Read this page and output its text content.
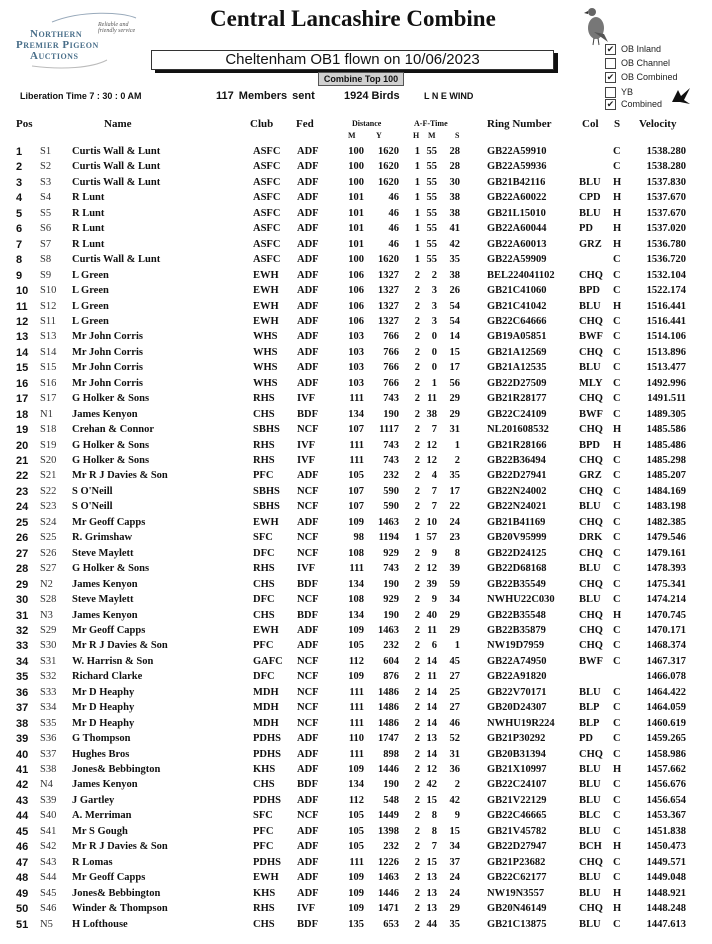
Reliable and friendly service
Northern
Premier Pigeon
Auctions
Central Lancashire Combine
Cheltenham OB1 flown on 10/06/2023
Combine Top 100
Liberation Time 7 : 30 : 0 AM	117 Members sent	1924 Birds	L N E WIND
✔ OB Inland
OB Channel
✔ OB Combined
YB
✔ Combined
Pos	Name	Club Fed	Distance
M	Y
A-F-Time
H M S
Ring Number	Col S Velocity
1 S1 Curtis Wall & Lunt	ASFC ADF	100	1620	1 55	28	GB22A59910	C	1538.280
2 S2 Curtis Wall & Lunt	ASFC ADF	100	1620	1 55	28	GB22A59936	C	1538.280
3 S3 Curtis Wall & Lunt	ASFC ADF	100	1620	1 55	30	GB21B42116	BLU H	1537.830
4 S4 R Lunt	ASFC ADF	101	46	1 55	38	GB22A60022	CPD H	1537.670
5 S5 R Lunt	ASFC ADF	101	46	1 55	38	GB21L15010	BLU H	1537.670
6 S6 R Lunt	ASFC ADF	101	46	1 55	41	GB22A60044	PD H	1537.020
7 S7 R Lunt	ASFC ADF	101	46	1 55	42	GB22A60013	GRZ H	1536.780
8 S8 Curtis Wall & Lunt	ASFC ADF	100	1620	1 55	35	GB22A59909	C	1536.720
9 S9 L Green	EWH ADF	106	1327	2	2	38	BEL224041102 CHQ C	1532.104
10 S10 L Green	EWH ADF	106	1327	2	3	26	GB21C41060	BPD C	1522.174
11 S12 L Green	EWH ADF	106	1327	2	3	54	GB21C41042	BLU H	1516.441
12 S11 L Green	EWH ADF	106	1327	2	3	54	GB22C64666	CHQ C	1516.441
13 S13 Mr John Corris	WHS ADF	103	766	2	0	14	GB19A05851	BWF C	1514.106
14 S14 Mr John Corris	WHS ADF	103	766	2	0	15	GB21A12569	CHQ C	1513.896
15 S15 Mr John Corris	WHS ADF	103	766	2	0	17	GB21A12535	BLU C	1513.477
16 S16 Mr John Corris	WHS ADF	103	766	2	1	56	GB22D27509	MLY C	1492.996
17 S17 G Holker & Sons	RHS IVF	111	743	2 11	29	GB21R28177	CHQ C	1491.511
18 N1 James Kenyon	CHS BDF	134	190	2 38	29	GB22C24109	BWF C	1489.305
19 S18 Crehan & Connor	SBHS NCF	107	1117	2	7	31	NL201608532	CHQ H	1485.586
20 S19 G Holker & Sons	RHS IVF	111	743	2 12	1	GB21R28166	BPD H	1485.486
21 S20 G Holker & Sons	RHS IVF	111	743	2 12	2	GB22B36494	CHQ C	1485.298
22 S21 Mr R J Davies & Son	PFC ADF	105	232	2	4	35	GB22D27941	GRZ C	1485.207
23 S22 S O'Neill	SBHS NCF	107	590	2	7	17	GB22N24002	CHQ C	1484.169
24 S23 S O'Neill	SBHS NCF	107	590	2	7	22	GB22N24021	BLU C	1483.198
25 S24 Mr Geoff Capps	EWH ADF	109	1463	2 10	24	GB21B41169	CHQ C	1482.385
26 S25 R. Grimshaw	SFC NCF	98	1194	1 57	23	GB20V95999	DRK C	1479.546
27 S26 Steve Maylett	DFC NCF	108	929	2	9	8	GB22D24125	CHQ C	1479.161
28 S27 G Holker & Sons	RHS IVF	111	743	2 12	39	GB22D68168	BLU C	1478.393
29 N2 James Kenyon	CHS BDF	134	190	2 39	59	GB22B35549	CHQ C	1475.341
30 S28 Steve Maylett	DFC NCF	108	929	2	9	34	NWHU22C030 BLU C	1474.214
31 N3 James Kenyon	CHS BDF	134	190	2 40	29	GB22B35548	CHQ H	1470.745
32 S29 Mr Geoff Capps	EWH ADF	109	1463	2 11	29	GB22B35879	CHQ C	1470.171
33 S30 Mr R J Davies & Son	PFC ADF	105	232	2	6	1	NW19D7959	CHQ C	1468.374
34 S31 W. Harrisn & Son	GAFC NCF	112	604	2 14	45	GB22A74950	BWF C	1467.317
35 S32 Richard Clarke	DFC NCF	109	876	2 11	27	GB22A91820	1466.078
36 S33 Mr D Heaphy	MDH NCF	111	1486	2 14	25	GB22V70171	BLU C	1464.422
37 S34 Mr D Heaphy	MDH NCF	111	1486	2 14	27	GB20D24307	BLP C	1464.059
38 S35 Mr D Heaphy	MDH NCF	111	1486	2 14	46	NWHU19R224 BLP C	1460.619
39 S36 G Thompson	PDHS ADF	110	1747	2 13	52	GB21P30292	PD C	1459.265
40 S37 Hughes Bros	PDHS ADF	111	898	2 14	31	GB20B31394	CHQ C	1458.986
41 S38 Jones& Bebbington	KHS ADF	109	1446	2 12	36	GB21X10997	BLU H	1457.662
42 N4 James Kenyon	CHS BDF	134	190	2 42	2	GB22C24107	BLU C	1456.676
43 S39 J Gartley	PDHS ADF	112	548	2 15	42	GB21V22129	BLU C	1456.654
44 S40 A. Merriman	SFC NCF	105	1449	2	8	9	GB22C46665	BLC C	1453.367
45 S41 Mr S Gough	PFC ADF	105	1398	2	8	15	GB21V45782	BLU C	1451.838
46 S42 Mr R J Davies & Son	PFC ADF	105	232	2	7	34	GB22D27947	BCH H	1450.473
47 S43 R Lomas	PDHS ADF	111	1226	2 15	37	GB21P23682	CHQ C	1449.571
48 S44 Mr Geoff Capps	EWH ADF	109	1463	2 13	24	GB22C62177	BLU C	1449.048
49 S45 Jones& Bebbington	KHS ADF	109	1446	2 13	24	NW19N3557	BLU H	1448.921
50 S46 Winder & Thompson	RHS IVF	109	1471	2 13	29	GB20N46149	CHQ H	1448.248
51 N5 H Lofthouse	CHS BDF	135	653	2 44	35	GB21C13875	BLU C	1447.613
